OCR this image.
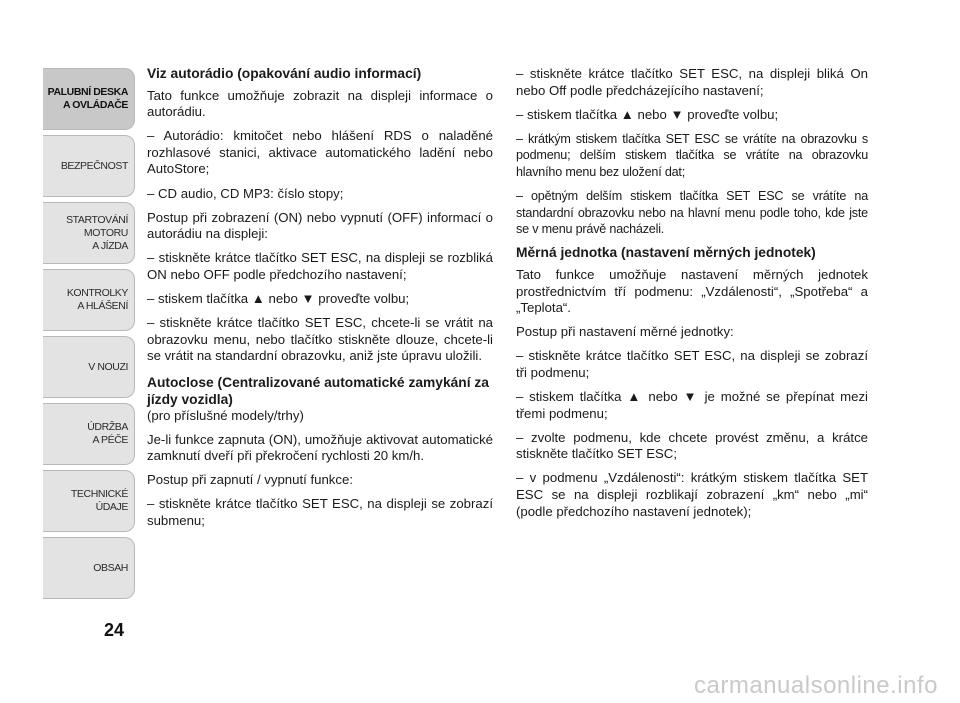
PALUBNÍ DESKA
A OVLÁDAČE
BEZPEČNOST
STARTOVÁNÍ
MOTORU
A JÍZDA
KONTROLKY
A HLÁŠENÍ
V NOUZI
ÚDRŽBA
A PÉČE
TECHNICKÉ
ÚDAJE
OBSAH
24
Viz autorádio (opakování audio informací)

Tato funkce umožňuje zobrazit na displeji informace o autorádiu.

– Autorádio: kmitočet nebo hlášení RDS o naladěné rozhlasové stanici, aktivace automatického ladění nebo AutoStore;

– CD audio, CD MP3: číslo stopy;

Postup při zobrazení (ON) nebo vypnutí (OFF) informací o autorádiu na displeji:

– stiskněte krátce tlačítko SET ESC, na displeji se rozbliká ON nebo OFF podle předchozího nastavení;

– stiskem tlačítka ▲ nebo ▼ proveďte volbu;

– stiskněte krátce tlačítko SET ESC, chcete-li se vrátit na obrazovku menu, nebo tlačítko stiskněte dlouze, chcete-li se vrátit na standardní obrazovku, aniž jste úpravu uložili.

Autoclose (Centralizované automatické zamykání za jízdy vozidla)

(pro příslušné modely/trhy)

Je-li funkce zapnuta (ON), umožňuje aktivovat automatické zamknutí dveří při překročení rychlosti 20 km/h.

Postup při zapnutí / vypnutí funkce:

– stiskněte krátce tlačítko SET ESC, na displeji se zobrazí submenu;

– stiskněte krátce tlačítko SET ESC, na displeji bliká On nebo Off podle předcházejícího nastavení;

– stiskem tlačítka ▲ nebo ▼ proveďte volbu;

– krátkým stiskem tlačítka SET ESC se vrátíte na obrazovku s podmenu; delším stiskem tlačítka se vrátíte na obrazovku hlavního menu bez uložení dat;

– opětným delším stiskem tlačítka SET ESC se vrátíte na standardní obrazovku nebo na hlavní menu podle toho, kde jste se v menu právě nacházeli.

Měrná jednotka (nastavení měrných jednotek)

Tato funkce umožňuje nastavení měrných jednotek prostřednictvím tří podmenu: „Vzdálenosti“, „Spotřeba“ a „Teplota“.

Postup při nastavení měrné jednotky:

– stiskněte krátce tlačítko SET ESC, na displeji se zobrazí tři podmenu;

– stiskem tlačítka ▲ nebo ▼ je možné se přepínat mezi třemi podmenu;

– zvolte podmenu, kde chcete provést změnu, a krátce stiskněte tlačítko SET ESC;

– v podmenu „Vzdálenosti“: krátkým stiskem tlačítka SET ESC se na displeji rozblikají zobrazení „km“ nebo „mi“ (podle předchozího nastavení jednotek);

carmanualsonline.info
